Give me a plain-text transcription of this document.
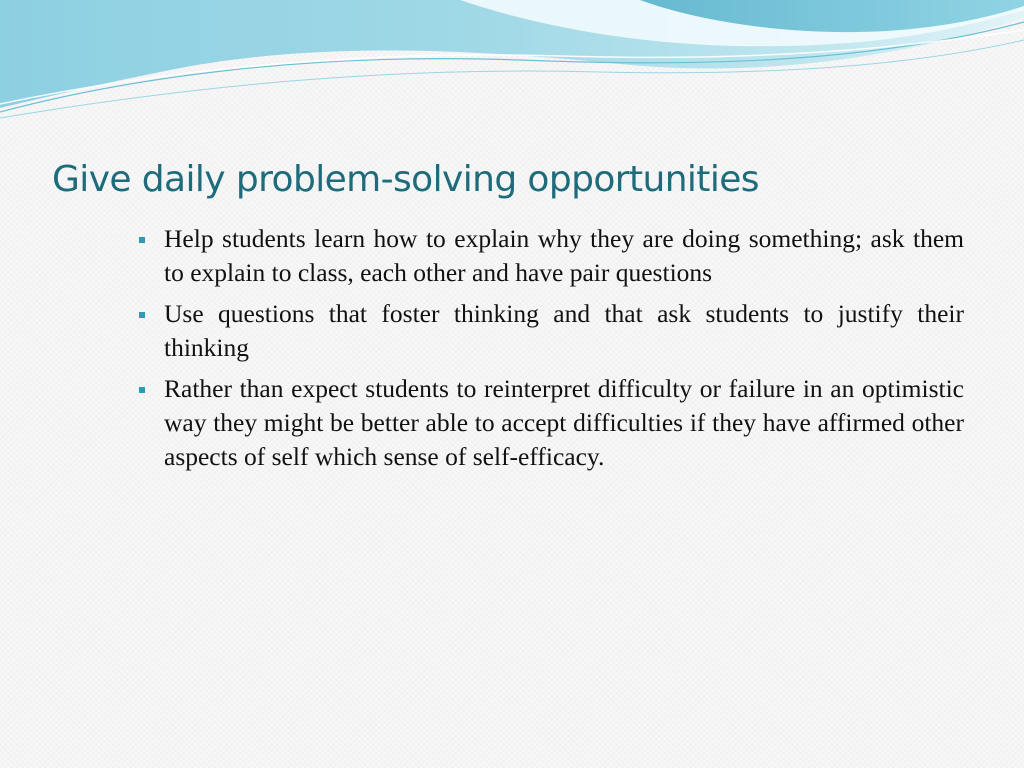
Give daily problem-solving opportunities
Help students learn how to explain why they are doing something; ask them to explain to class, each other and have pair questions
Use questions that foster thinking and that ask students to justify their thinking
Rather than expect students to reinterpret difficulty or failure in an optimistic way they might be better able to accept difficulties if they have affirmed other aspects of self which sense of self-efficacy.
